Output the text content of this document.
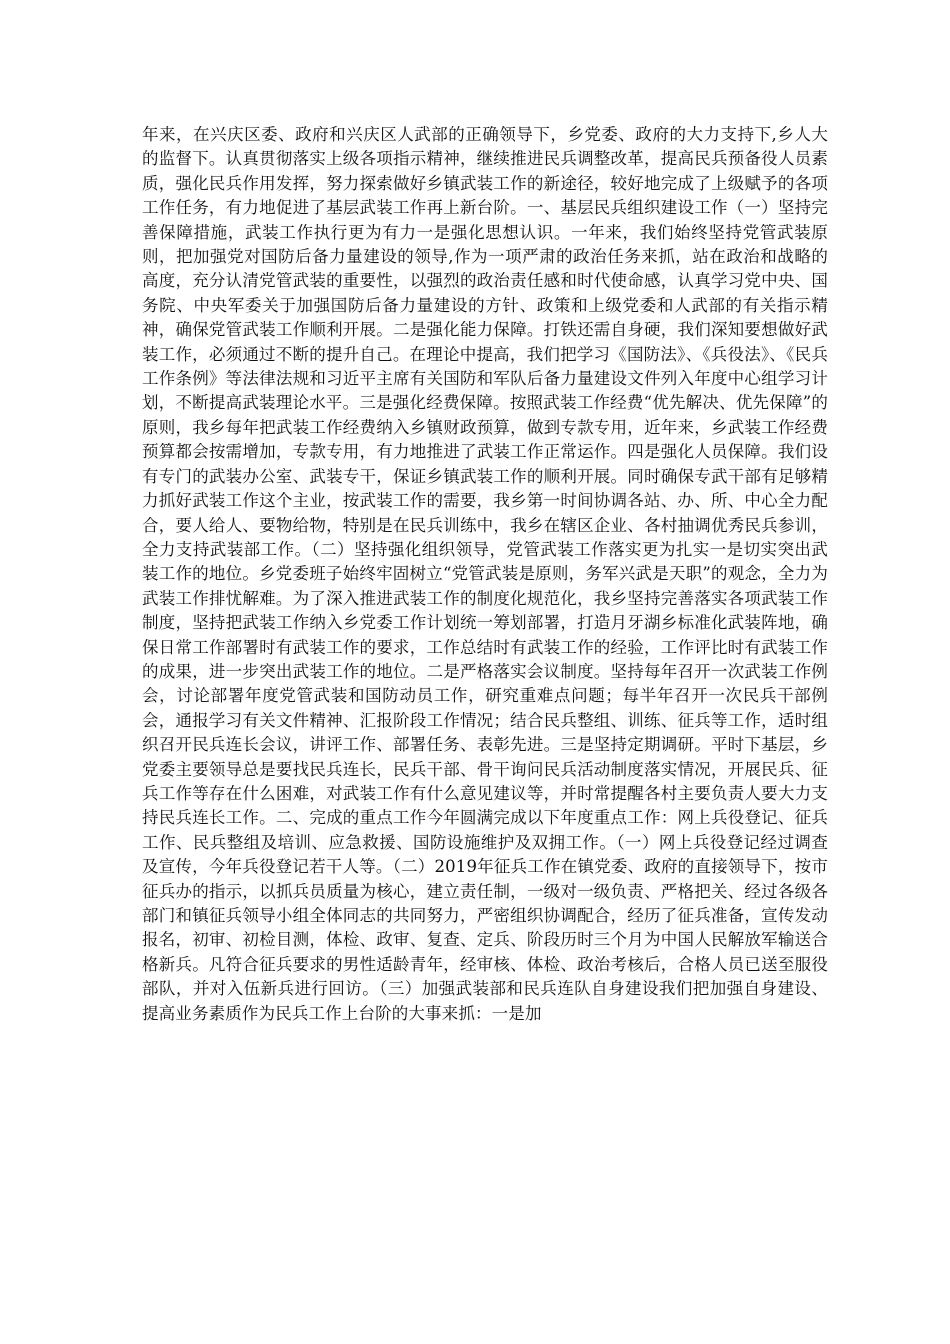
年来，在兴庆区委、政府和兴庆区人武部的正确领导下，乡党委、政府的大力支持下,乡人大的监督下。认真贯彻落实上级各项指示精神，继续推进民兵调整改革，提高民兵预备役人员素质，强化民兵作用发挥，努力探索做好乡镇武装工作的新途径，较好地完成了上级赋予的各项工作任务，有力地促进了基层武装工作再上新台阶。一、基层民兵组织建设工作（一）坚持完善保障措施，武装工作执行更为有力一是强化思想认识。一年来，我们始终坚持党管武装原则，把加强党对国防后备力量建设的领导,作为一项严肃的政治任务来抓，站在政治和战略的高度，充分认清党管武装的重要性，以强烈的政治责任感和时代使命感，认真学习党中央、国务院、中央军委关于加强国防后备力量建设的方针、政策和上级党委和人武部的有关指示精神，确保党管武装工作顺利开展。二是强化能力保障。打铁还需自身硬，我们深知要想做好武装工作，必须通过不断的提升自己。在理论中提高，我们把学习《国防法》、《兵役法》、《民兵工作条例》等法律法规和习近平主席有关国防和军队后备力量建设文件列入年度中心组学习计划，不断提高武装理论水平。三是强化经费保障。按照武装工作经费“优先解决、优先保障”的原则，我乡每年把武装工作经费纳入乡镇财政预算，做到专款专用，近年来，乡武装工作经费预算都会按需增加，专款专用，有力地推进了武装工作正常运作。四是强化人员保障。我们设有专门的武装办公室、武装专干，保证乡镇武装工作的顺利开展。同时确保专武干部有足够精力抓好武装工作这个主业，按武装工作的需要，我乡第一时间协调各站、办、所、中心全力配合，要人给人、要物给物，特别是在民兵训练中，我乡在辖区企业、各村抽调优秀民兵参训，全力支持武装部工作。（二）坚持强化组织领导，党管武装工作落实更为扎实一是切实突出武装工作的地位。乡党委班子始终牢固树立“党管武装是原则，务军兴武是天职”的观念，全力为武装工作排忧解难。为了深入推进武装工作的制度化规范化，我乡坚持完善落实各项武装工作制度，坚持把武装工作纳入乡党委工作计划统一筹划部署，打造月牙湖乡标准化武装阵地，确保日常工作部署时有武装工作的要求，工作总结时有武装工作的经验，工作评比时有武装工作的成果，进一步突出武装工作的地位。二是严格落实会议制度。坚持每年召开一次武装工作例会，讨论部署年度党管武装和国防动员工作，研究重难点问题；每半年召开一次民兵干部例会，通报学习有关文件精神、汇报阶段工作情况；结合民兵整组、训练、征兵等工作，适时组织召开民兵连长会议，讲评工作、部署任务、表彰先进。三是坚持定期调研。平时下基层，乡党委主要领导总是要找民兵连长，民兵干部、骨干询问民兵活动制度落实情况，开展民兵、征兵工作等存在什么困难，对武装工作有什么意见建议等，并时常提醒各村主要负责人要大力支持民兵连长工作。二、完成的重点工作今年圆满完成以下年度重点工作：网上兵役登记、征兵工作、民兵整组及培训、应急救援、国防设施维护及双拥工作。（一）网上兵役登记经过调查及宣传，今年兵役登记若干人等。（二）2019年征兵工作在镇党委、政府的直接领导下，按市征兵办的指示，以抓兵员质量为核心，建立责任制，一级对一级负责、严格把关、经过各级各部门和镇征兵领导小组全体同志的共同努力，严密组织协调配合，经历了征兵准备，宣传发动报名，初审、初检目测，体检、政审、复查、定兵、阶段历时三个月为中国人民解放军输送合格新兵。凡符合征兵要求的男性适龄青年，经审核、体检、政治考核后，合格人员已送至服役部队，并对入伍新兵进行回访。（三）加强武装部和民兵连队自身建设我们把加强自身建设、提高业务素质作为民兵工作上台阶的大事来抓：一是加
